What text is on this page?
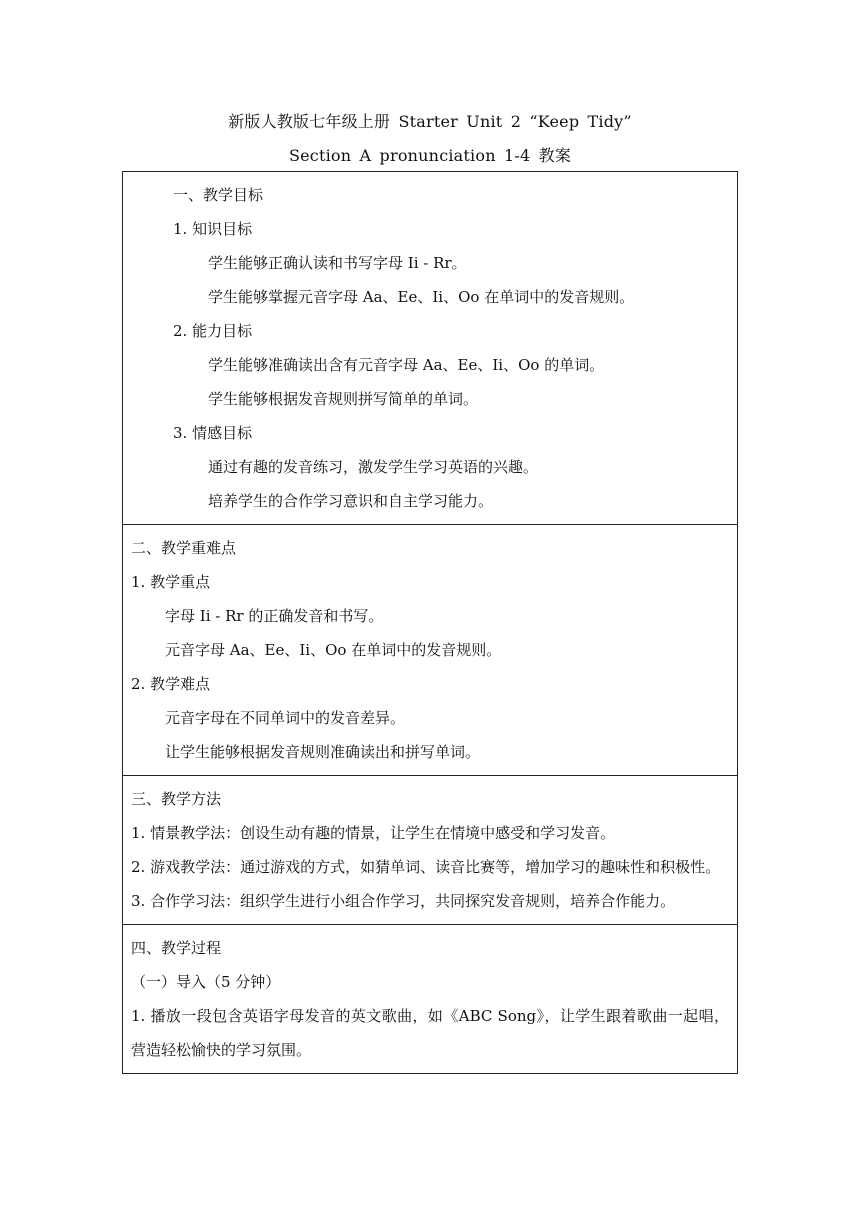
新版人教版七年级上册 Starter Unit 2 “Keep Tidy”
Section A pronunciation 1-4 教案
一、教学目标
1. 知识目标
学生能够正确认读和书写字母 Ii - Rr。
学生能够掌握元音字母 Aa、Ee、Ii、Oo 在单词中的发音规则。
2. 能力目标
学生能够准确读出含有元音字母 Aa、Ee、Ii、Oo 的单词。
学生能够根据发音规则拼写简单的单词。
3. 情感目标
通过有趣的发音练习，激发学生学习英语的兴趣。
培养学生的合作学习意识和自主学习能力。

二、教学重难点
1. 教学重点
字母 Ii - Rr 的正确发音和书写。
元音字母 Aa、Ee、Ii、Oo 在单词中的发音规则。
2. 教学难点
元音字母在不同单词中的发音差异。
让学生能够根据发音规则准确读出和拼写单词。

三、教学方法
1. 情景教学法：创设生动有趣的情景，让学生在情境中感受和学习发音。
2. 游戏教学法：通过游戏的方式，如猜单词、读音比赛等，增加学习的趣味性和积极性。
3. 合作学习法：组织学生进行小组合作学习，共同探究发音规则，培养合作能力。

四、教学过程
（一）导入（5 分钟）
1. 播放一段包含英语字母发音的英文歌曲，如《ABC Song》，让学生跟着歌曲一起唱，营造轻松愉快的学习氛围。
